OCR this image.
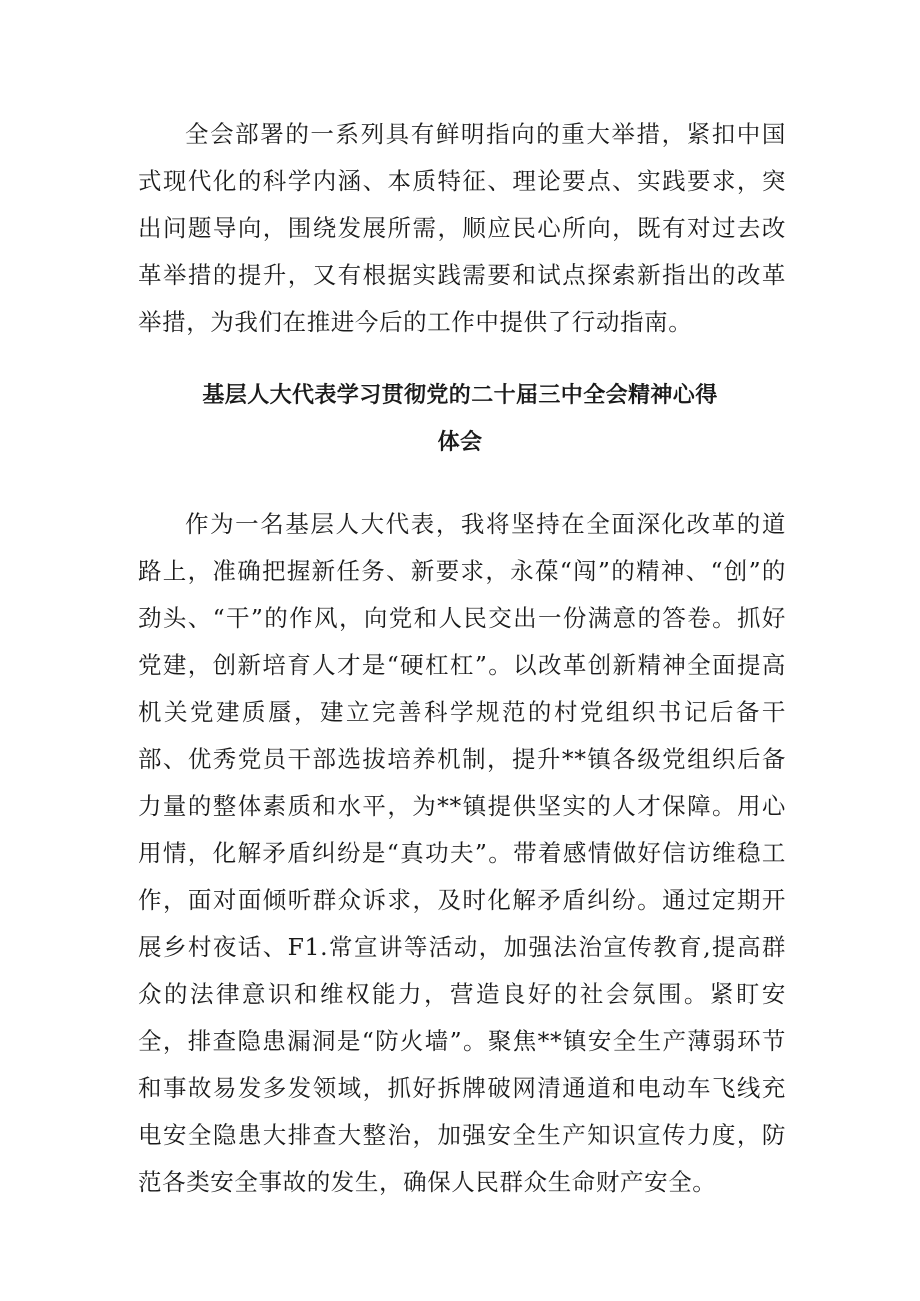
全会部署的一系列具有鲜明指向的重大举措，紧扣中国式现代化的科学内涵、本质特征、理论要点、实践要求，突出问题导向，围绕发展所需，顺应民心所向，既有对过去改革举措的提升，又有根据实践需要和试点探索新指出的改革举措，为我们在推进今后的工作中提供了行动指南。

基层人大代表学习贯彻党的二十届三中全会精神心得
体会

作为一名基层人大代表，我将坚持在全面深化改革的道路上，准确把握新任务、新要求，永葆“闯”的精神、“创”的劲头、“干”的作风，向党和人民交出一份满意的答卷。抓好党建，创新培育人才是“硬杠杠”。以改革创新精神全面提高机关党建质蜃，建立完善科学规范的村党组织书记后备干部、优秀党员干部选拔培养机制，提升**镇各级党组织后备力量的整体素质和水平，为**镇提供坚实的人才保障。用心用情，化解矛盾纠纷是“真功夫”。带着感情做好信访维稳工作，面对面倾听群众诉求，及时化解矛盾纠纷。通过定期开展乡村夜话、F1.常宣讲等活动，加强法治宣传教育,提高群众的法律意识和维权能力，营造良好的社会氛围。紧盯安全，排查隐患漏洞是“防火墙”。聚焦**镇安全生产薄弱环节和事故易发多发领域，抓好拆牌破网清通道和电动车飞线充电安全隐患大排查大整治，加强安全生产知识宣传力度，防范各类安全事故的发生，确保人民群众生命财产安全。
